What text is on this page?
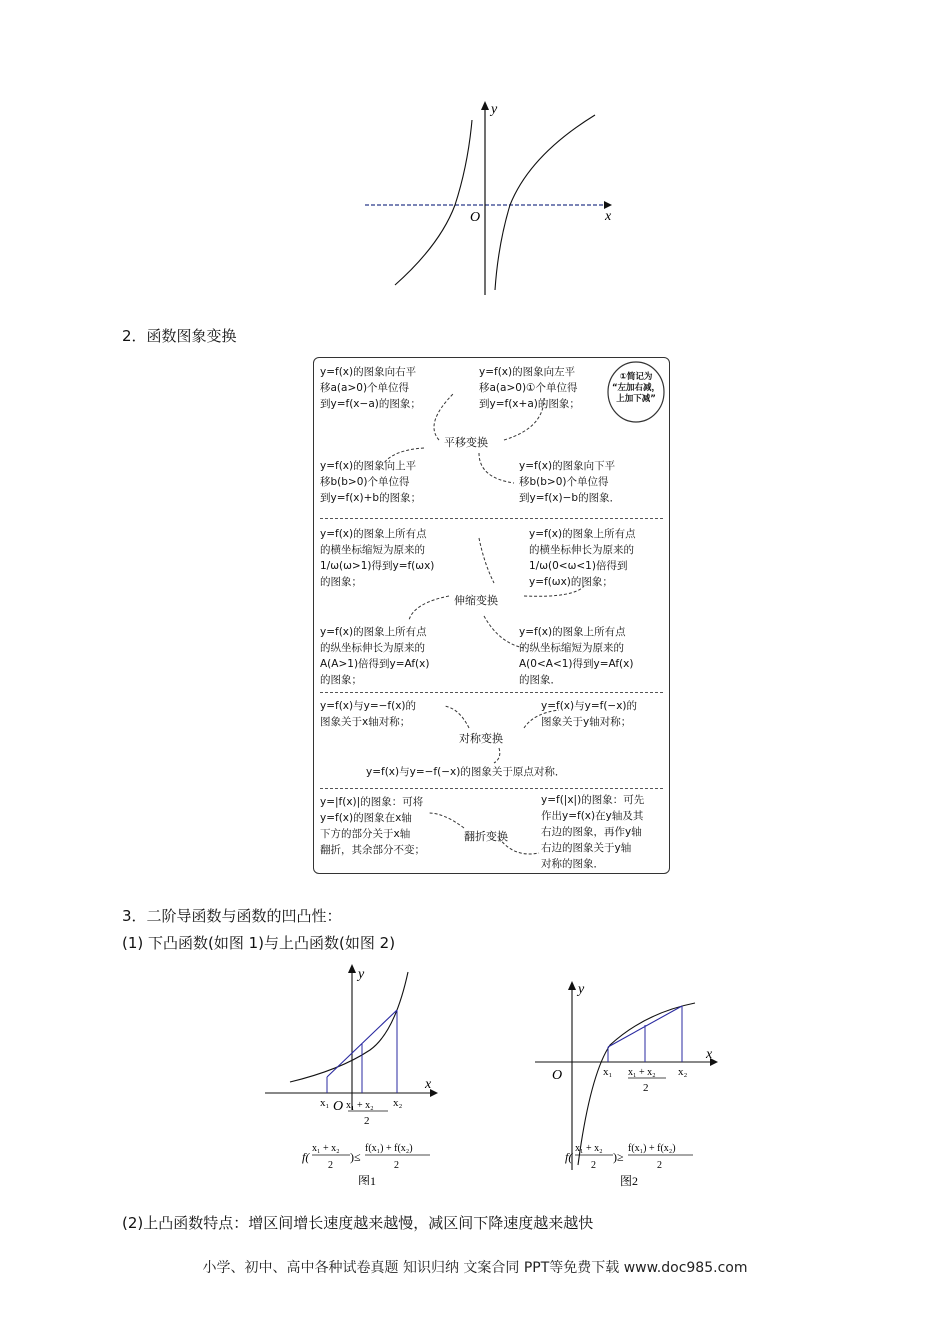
y
x
O
2．函数图象变换
y=f(x)的图象向右平
移a(a>0)个单位得
到y=f(x−a)的图象；
y=f(x)的图象向左平
移a(a>0)①个单位得
到y=f(x+a)的图象；
①简记为
“左加右减，
上加下减”
平移变换
y=f(x)的图象向上平
移b(b>0)个单位得
到y=f(x)+b的图象；
y=f(x)的图象向下平
移b(b>0)个单位得
到y=f(x)−b的图象．
y=f(x)的图象上所有点
的横坐标缩短为原来的
1/ω(ω>1)得到y=f(ωx)
的图象；
y=f(x)的图象上所有点
的横坐标伸长为原来的
1/ω(0<ω<1)倍得到
y=f(ωx)的图象；
伸缩变换
y=f(x)的图象上所有点
的纵坐标伸长为原来的
A(A>1)倍得到y=Af(x)
的图象；
y=f(x)的图象上所有点
的纵坐标缩短为原来的
A(0<A<1)得到y=Af(x)
的图象．
y=f(x)与y=−f(x)的
图象关于x轴对称；
y=f(x)与y=f(−x)的
图象关于y轴对称；
对称变换
y=f(x)与y=−f(−x)的图象关于原点对称．
y=|f(x)|的图象：可将
y=f(x)的图象在x轴
下方的部分关于x轴
翻折，其余部分不变；
翻折变换
y=f(|x|)的图象：可先
作出y=f(x)在y轴及其
右边的图象，再作y轴
右边的图象关于y轴
对称的图象．
3．二阶导函数与函数的凹凸性：
(1) 下凸函数(如图 1)与上凸函数(如图 2)
y
x
x₁ O x₁ + x₂
2
x₂
f(
x₁ + x₂
2
)≤
f(x₁) + f(x₂)
2
图1
y
x
O	x₁ x₁ + x₂
2
x₂
f(
x₁ + x₂
2
)≥
f(x₁) + f(x₂)
2
图2
(2)上凸函数特点：增区间增长速度越来越慢，减区间下降速度越来越快
小学、初中、高中各种试卷真题 知识归纳 文案合同 PPT等免费下载 www.doc985.com
